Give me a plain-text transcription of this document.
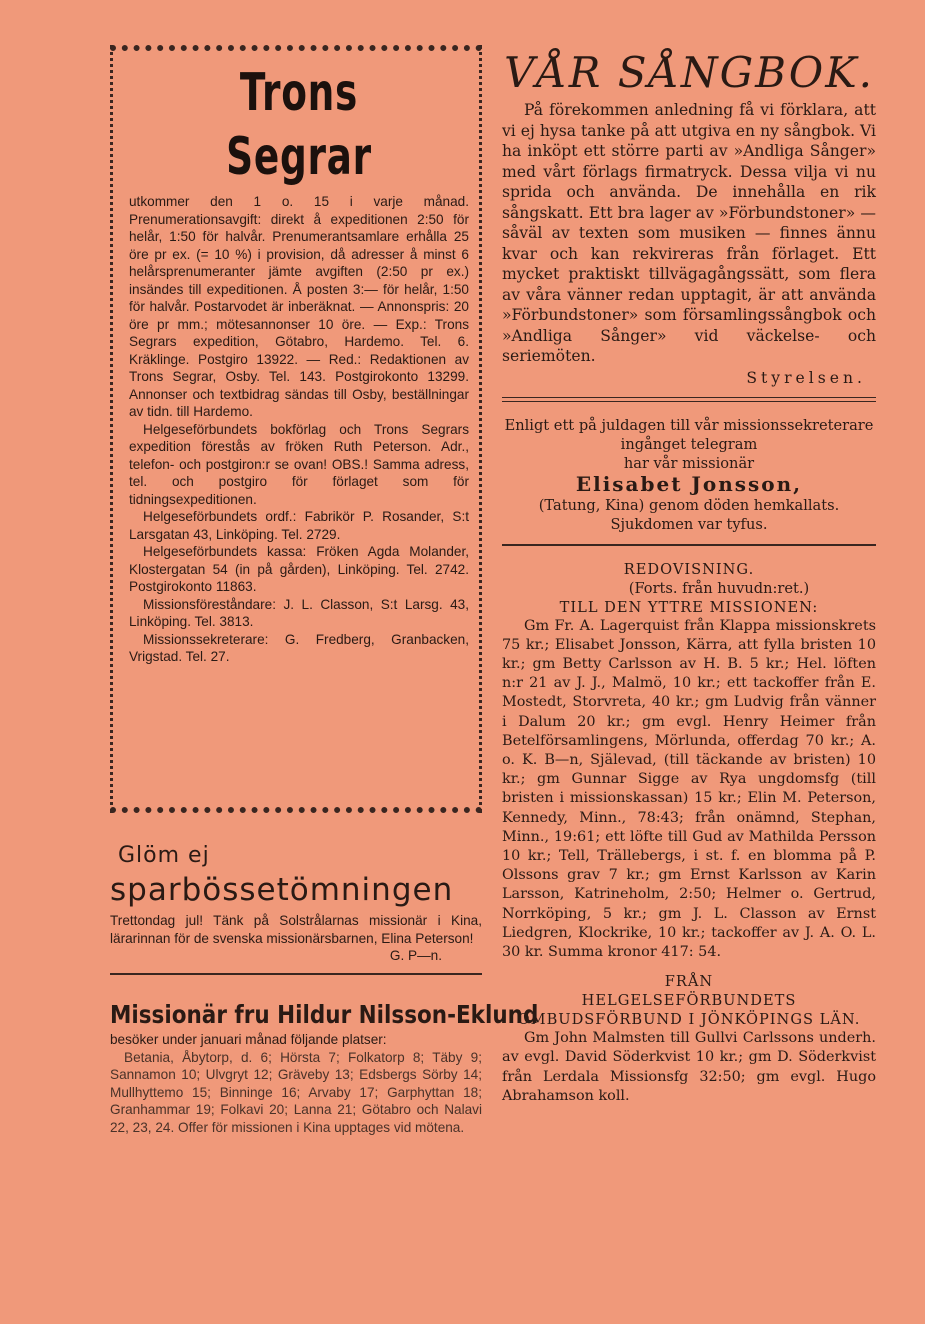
Trons Segrar

utkommer den 1 o. 15 i varje månad. Prenumerationsavgift: direkt å expeditionen 2:50 för helår, 1:50 för halvår. Prenumerantsamlare erhålla 25 öre pr ex. (= 10 %) i provision, då adresser å minst 6 helårsprenumeranter jämte avgiften (2:50 pr ex.) insändes till expeditionen. Å posten 3:— för helår, 1:50 för halvår. Postarvodet är inberäknat. — Annonspris: 20 öre pr mm.; mötesannonser 10 öre. — Exp.: Trons Segrars expedition, Götabro, Hardemo. Tel. 6. Kräklinge. Postgiro 13922. — Red.: Redaktionen av Trons Segrar, Osby. Tel. 143. Postgirokonto 13299. Annonser och textbidrag sändas till Osby, beställningar av tidn. till Hardemo.

Helgeseförbundets bokförlag och Trons Segrars expedition förestås av fröken Ruth Peterson. Adr., telefon- och postgiron:r se ovan! OBS.! Samma adress, tel. och postgiro för förlaget som för tidningsexpeditionen.

Helgeseförbundets ordf.: Fabrikör P. Rosander, S:t Larsgatan 43, Linköping. Tel. 2729.

Helgeseförbundets kassa: Fröken Agda Molander, Klostergatan 54 (in på gården), Linköping. Tel. 2742. Postgirokonto 11863.

Missionsföreståndare: J. L. Classon, S:t Larsg. 43, Linköping. Tel. 3813.

Missionssekreterare: G. Fredberg, Granbacken, Vrigstad. Tel. 27.

Glöm ej
sparbössetömningen

Trettondag jul! Tänk på Solstrålarnas missionär i Kina, lärarinnan för de svenska missionärsbarnen, Elina Peterson!

G. P—n.

Missionär fru Hildur Nilsson-Eklund

besöker under januari månad följande platser:

Betania, Åbytorp, d. 6; Hörsta 7; Folkatorp 8; Täby 9; Sannamon 10; Ulvgryt 12; Gräveby 13; Edsbergs Sörby 14; Mullhyttemo 15; Binninge 16; Arvaby 17; Garphyttan 18; Granhammar 19; Folkavi 20; Lanna 21; Götabro och Nalavi 22, 23, 24. Offer för missionen i Kina upptages vid mötena.

VÅR SÅNGBOK.

På förekommen anledning få vi förklara, att vi ej hysa tanke på att utgiva en ny sångbok. Vi ha inköpt ett större parti av »Andliga Sånger» med vårt förlags firmatryck. Dessa vilja vi nu sprida och använda. De innehålla en rik sångskatt. Ett bra lager av »Förbundstoner» — såväl av texten som musiken — finnes ännu kvar och kan rekvireras från förlaget. Ett mycket praktiskt tillvägagångssätt, som flera av våra vänner redan upptagit, är att använda »Förbundstoner» som församlingssångbok och »Andliga Sånger» vid väckelse- och seriemöten.

Styrelsen.
Enligt ett på juldagen till vår missionssekreterare ingånget telegram
har vår missionär
Elisabet Jonsson,
(Tatung, Kina) genom döden hemkallats.
Sjukdomen var tyfus.
REDOVISNING.
(Forts. från huvudn:ret.)
TILL DEN YTTRE MISSIONEN:

Gm Fr. A. Lagerquist från Klappa missionskrets 75 kr.; Elisabet Jonsson, Kärra, att fylla bristen 10 kr.; gm Betty Carlsson av H. B. 5 kr.; Hel. löften n:r 21 av J. J., Malmö, 10 kr.; ett tackoffer från E. Mostedt, Storvreta, 40 kr.; gm Ludvig från vänner i Dalum 20 kr.; gm evgl. Henry Heimer från Betelförsamlingens, Mörlunda, offerdag 70 kr.; A. o. K. B—n, Själevad, (till täckande av bristen) 10 kr.; gm Gunnar Sigge av Rya ungdomsfg (till bristen i missionskassan) 15 kr.; Elin M. Peterson, Kennedy, Minn., 78:43; från onämnd, Stephan, Minn., 19:61; ett löfte till Gud av Mathilda Persson 10 kr.; Tell, Trällebergs, i st. f. en blomma på P. Olssons grav 7 kr.; gm Ernst Karlsson av Karin Larsson, Katrineholm, 2:50; Helmer o. Gertrud, Norrköping, 5 kr.; gm J. L. Classon av Ernst Liedgren, Klockrike, 10 kr.; tackoffer av J. A. O. L. 30 kr. Summa kronor 417: 54.

FRÅN
HELGELSEFÖRBUNDETS OMBUDSFÖRBUND I JÖNKÖPINGS LÄN.

Gm John Malmsten till Gullvi Carlssons underh. av evgl. David Söderkvist 10 kr.; gm D. Söderkvist från Lerdala Missionsfg 32:50; gm evgl. Hugo Abrahamson koll.
